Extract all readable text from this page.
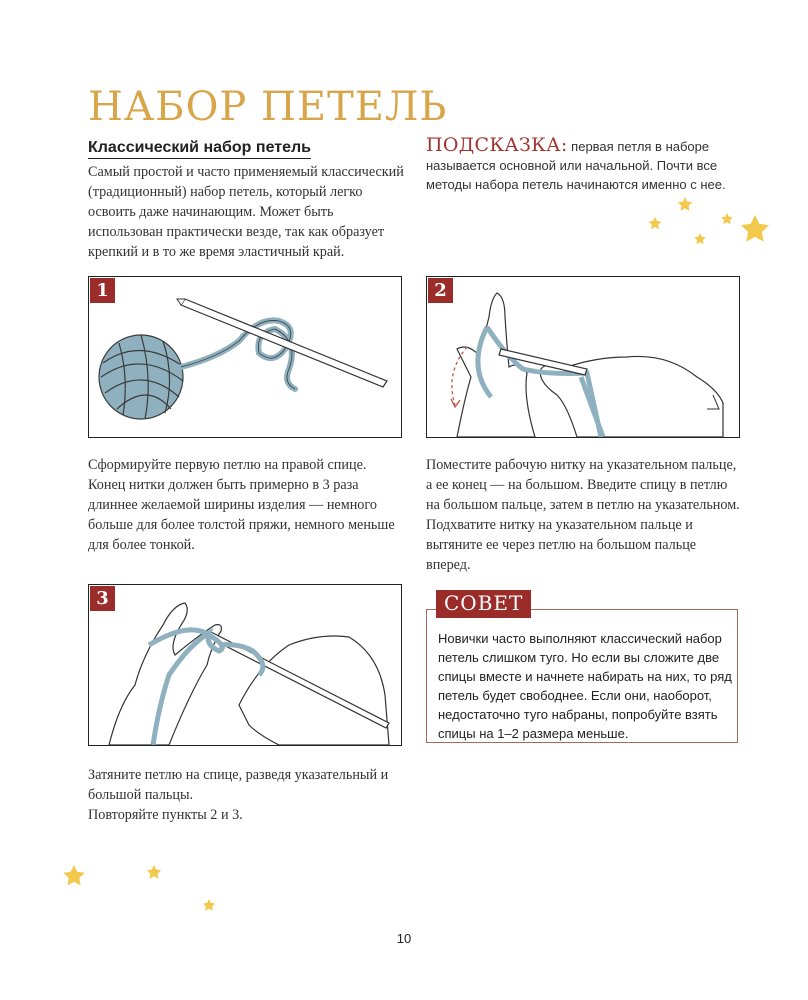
НАБОР ПЕТЕЛЬ
Классический набор петель
Самый простой и часто применяемый классический (традиционный) набор петель, который легко освоить даже начинающим. Может быть использован практически везде, так как образует крепкий и в то же время эластичный край.
ПОДСКАЗКА: первая петля в наборе называется основной или начальной. Почти все методы набора петель начинаются именно с нее.
1	2
Сформируйте первую петлю на правой спице. Конец нитки должен быть примерно в 3 раза длиннее желаемой ширины изделия — немного больше для более толстой пряжи, немного меньше для более тонкой.
Поместите рабочую нитку на указательном пальце, а ее конец — на большом. Введите спицу в петлю на большом пальце, затем в петлю на указательном. Подхватите нитку на указательном пальце и вытяните ее через петлю на большом пальце вперед.
3	СОВЕТ
Новички часто выполняют классический набор петель слишком туго. Но если вы сложите две спицы вместе и начнете набирать на них, то ряд петель будет свободнее. Если они, наоборот, недостаточно туго набраны, попробуйте взять спицы на 1–2 размера меньше.
Затяните петлю на спице, разведя указательный и большой пальцы.
Повторяйте пункты 2 и 3.
10
